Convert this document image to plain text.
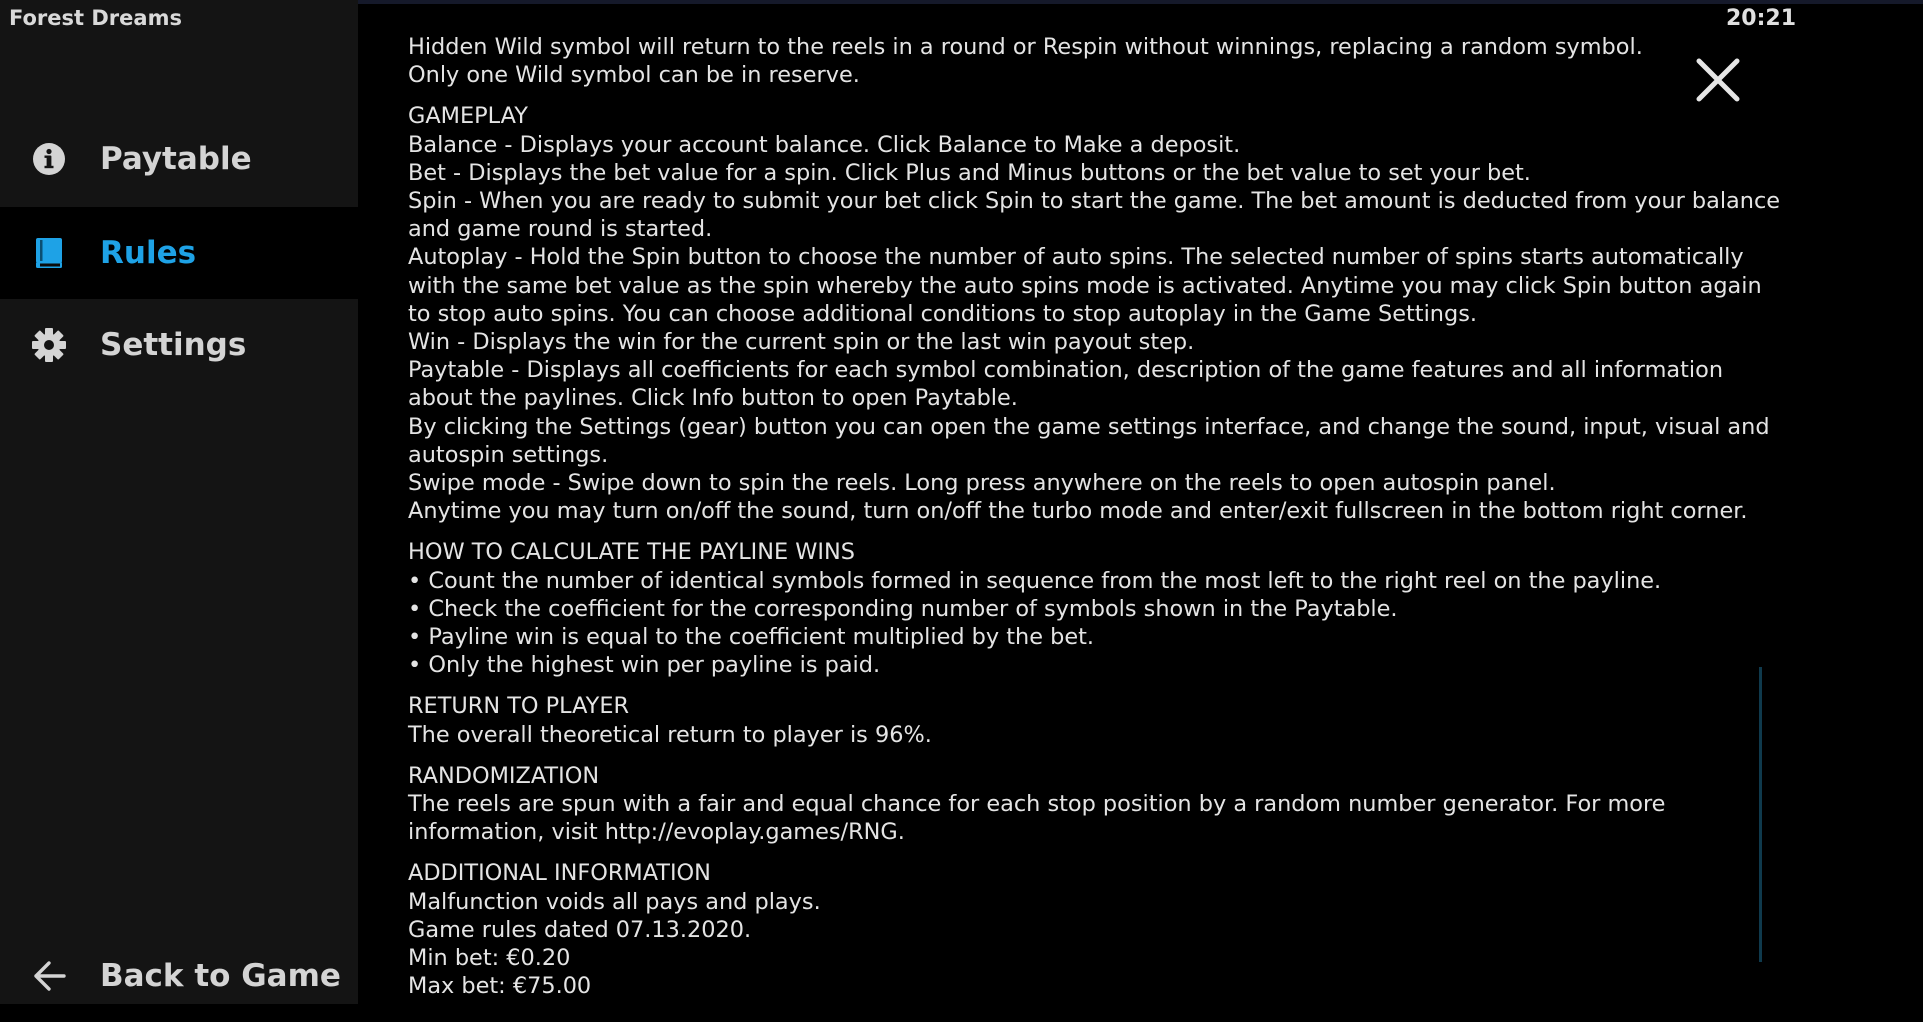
Forest Dreams
Paytable
Rules
Settings
Back to Game
20:21
Hidden Wild symbol will return to the reels in a round or Respin without winnings, replacing a random symbol.
Only one Wild symbol can be in reserve.
GAMEPLAY
Balance - Displays your account balance. Click Balance to Make a deposit.
Bet - Displays the bet value for a spin. Click Plus and Minus buttons or the bet value to set your bet.
Spin - When you are ready to submit your bet click Spin to start the game. The bet amount is deducted from your balance and game round is started.
Autoplay - Hold the Spin button to choose the number of auto spins. The selected number of spins starts automatically with the same bet value as the spin whereby the auto spins mode is activated. Anytime you may click Spin button again to stop auto spins. You can choose additional conditions to stop autoplay in the Game Settings.
Win - Displays the win for the current spin or the last win payout step.
Paytable - Displays all coefficients for each symbol combination, description of the game features and all information about the paylines. Click Info button to open Paytable.
By clicking the Settings (gear) button you can open the game settings interface, and change the sound, input, visual and autospin settings.
Swipe mode - Swipe down to spin the reels. Long press anywhere on the reels to open autospin panel.
Anytime you may turn on/off the sound, turn on/off the turbo mode and enter/exit fullscreen in the bottom right corner.
HOW TO CALCULATE THE PAYLINE WINS
• Count the number of identical symbols formed in sequence from the most left to the right reel on the payline.
• Check the coefficient for the corresponding number of symbols shown in the Paytable.
• Payline win is equal to the coefficient multiplied by the bet.
• Only the highest win per payline is paid.
RETURN TO PLAYER
The overall theoretical return to player is 96%.
RANDOMIZATION
The reels are spun with a fair and equal chance for each stop position by a random number generator. For more information, visit http://evoplay.games/RNG.
ADDITIONAL INFORMATION
Malfunction voids all pays and plays.
Game rules dated 07.13.2020.
Min bet: €0.20
Max bet: €75.00
